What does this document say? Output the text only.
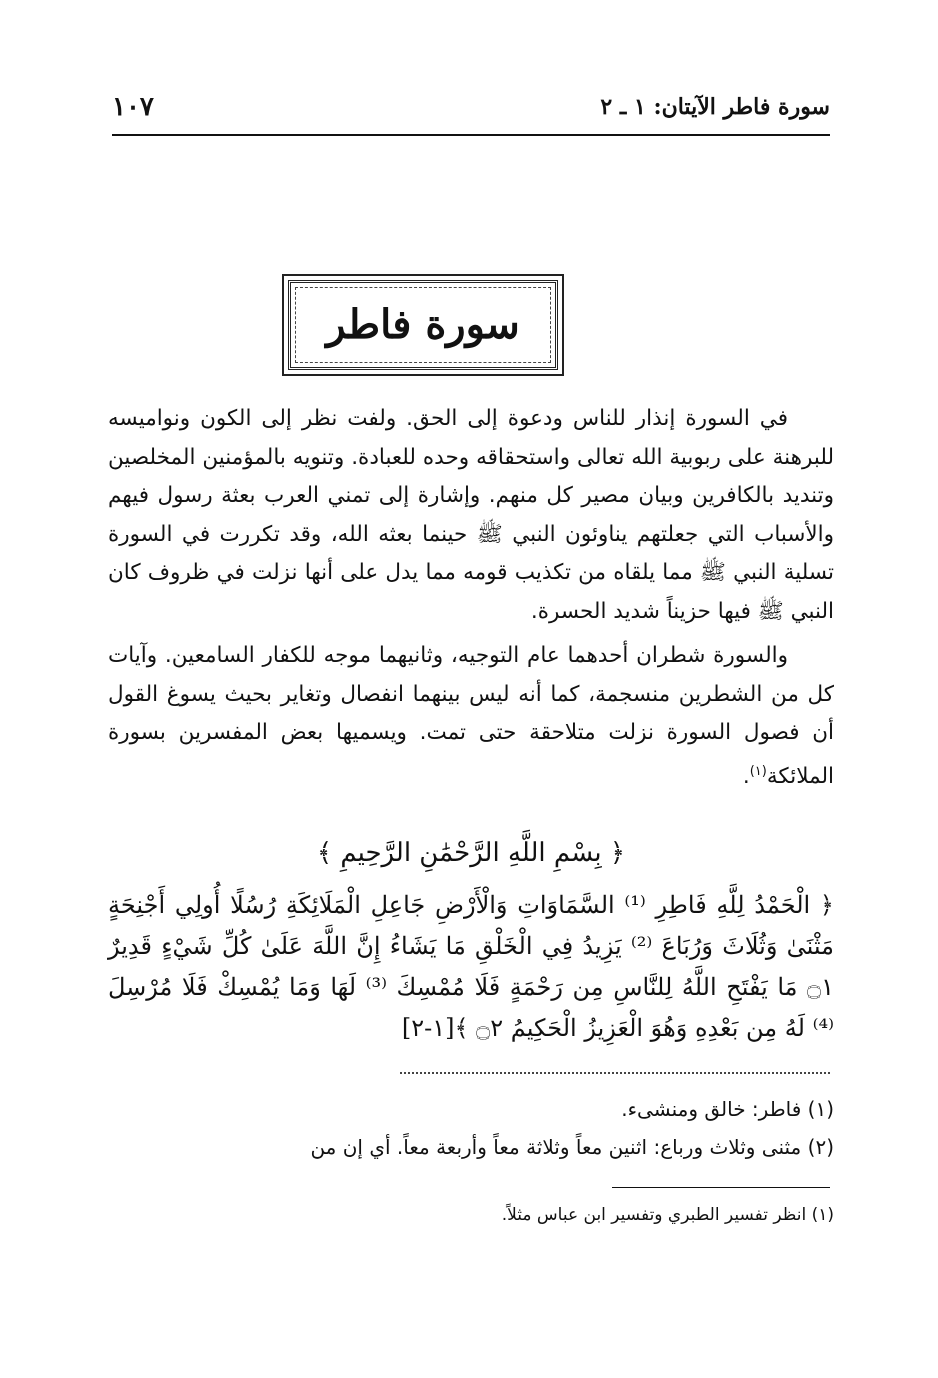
سورة فاطر الآيتان: ١ ـ ٢
١٠٧
سورة فاطر

في السورة إنذار للناس ودعوة إلى الحق. ولفت نظر إلى الكون ونواميسه للبرهنة على ربوبية الله تعالى واستحقاقه وحده للعبادة. وتنويه بالمؤمنين المخلصين وتنديد بالكافرين وبيان مصير كل منهم. وإشارة إلى تمني العرب بعثة رسول فيهم والأسباب التي جعلتهم يناوئون النبي ﷺ حينما بعثه الله، وقد تكررت في السورة تسلية النبي ﷺ مما يلقاه من تكذيب قومه مما يدل على أنها نزلت في ظروف كان النبي ﷺ فيها حزيناً شديد الحسرة.

والسورة شطران أحدهما عام التوجيه، وثانيهما موجه للكفار السامعين. وآيات كل من الشطرين منسجمة، كما أنه ليس بينهما انفصال وتغاير بحيث يسوغ القول أن فصول السورة نزلت متلاحقة حتى تمت. ويسميها بعض المفسرين بسورة الملائكة$^{(١)}$.

﴿ بِسْمِ اللَّهِ الرَّحْمَٰنِ الرَّحِيمِ ﴾
﴿ الْحَمْدُ لِلَّهِ فَاطِرِ ⁽¹⁾ السَّمَاوَاتِ وَالْأَرْضِ جَاعِلِ الْمَلَائِكَةِ رُسُلًا أُولِي أَجْنِحَةٍ مَثْنَىٰ وَثُلَاثَ وَرُبَاعَ ⁽²⁾ يَزِيدُ فِي الْخَلْقِ مَا يَشَاءُ إِنَّ اللَّهَ عَلَىٰ كُلِّ شَيْءٍ قَدِيرٌ ۝١ مَا يَفْتَحِ اللَّهُ لِلنَّاسِ مِن رَحْمَةٍ فَلَا مُمْسِكَ ⁽³⁾ لَهَا وَمَا يُمْسِكْ فَلَا مُرْسِلَ ⁽⁴⁾ لَهُ مِن بَعْدِهِ وَهُوَ الْعَزِيزُ الْحَكِيمُ ۝٢ ﴾[١-٢]

(١) فاطر: خالق ومنشىء.

(٢) مثنى وثلاث ورباع: اثنين معاً وثلاثة معاً وأربعة معاً. أي إن من

(١) انظر تفسير الطبري وتفسير ابن عباس مثلاً.
